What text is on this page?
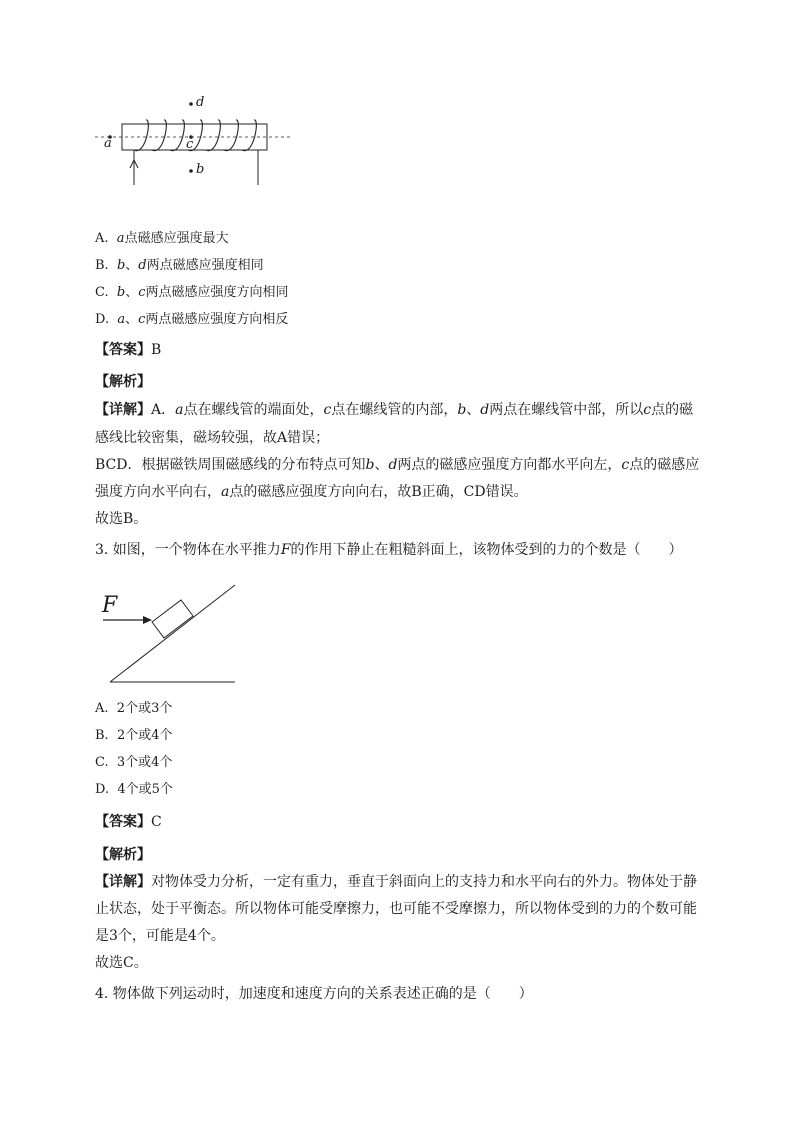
a
d
c
b
A. a点磁感应强度最大
B. b、d两点磁感应强度相同
C. b、c两点磁感应强度方向相同
D. a、c两点磁感应强度方向相反
【答案】B
【解析】
【详解】A．a点在螺线管的端面处，c点在螺线管的内部，b、d两点在螺线管中部，所以c点的磁
感线比较密集，磁场较强，故A错误；
BCD．根据磁铁周围磁感线的分布特点可知b、d两点的磁感应强度方向都水平向左，c点的磁感应
强度方向水平向右，a点的磁感应强度方向向右，故B正确，CD错误。
故选B。
3. 如图，一个物体在水平推力F的作用下静止在粗糙斜面上，该物体受到的力的个数是（　　）
F
A. 2个或3个
B. 2个或4个
C. 3个或4个
D. 4个或5个
【答案】C
【解析】
【详解】对物体受力分析，一定有重力，垂直于斜面向上的支持力和水平向右的外力。物体处于静
止状态，处于平衡态。所以物体可能受摩擦力，也可能不受摩擦力，所以物体受到的力的个数可能
是3个，可能是4个。
故选C。
4. 物体做下列运动时，加速度和速度方向的关系表述正确的是（　　）
